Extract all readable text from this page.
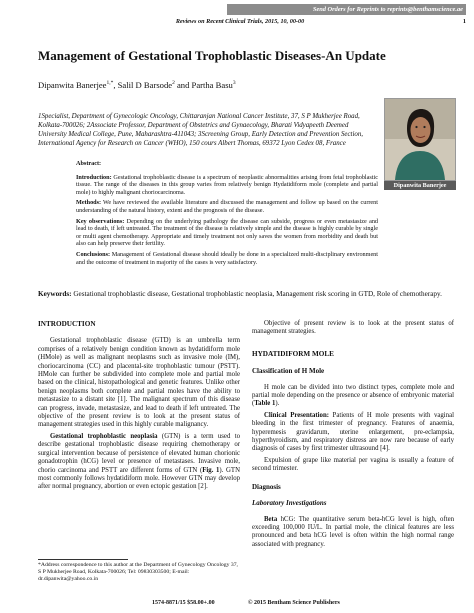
Send Orders for Reprints to reprints@benthamscience.ae
Reviews on Recent Clinical Trials, 2015, 10, 00-00	1
Management of Gestational Trophoblastic Diseases-An Update
Dipanwita Banerjee$^{1,*}$, Salil D Barsode$^2$ and Partha Basu$^3$
1Specialist, Department of Gynecologic Oncology, Chittaranjan National Cancer Institute, 37, S P Mukherjee Road, Kolkata-700026; 2Associate Professor, Department of Obstetrics and Gynaecology, Bharati Vidyapeeth Deemed University Medical College, Pune, Maharashtra-411043; 3Screening Group, Early Detection and Prevention Section, International Agency for Research on Cancer (WHO), 150 cours Albert Thomas, 69372 Lyon Cedex 08, France
Dipanwita Banerjee

Abstract:

Introduction: Gestational trophoblastic disease is a spectrum of neoplastic abnormalities arising from fetal trophoblastic tissue. The range of the diseases in this group varies from relatively benign Hydatidiform mole (complete and partial mole) to highly malignant choriocarcinoma.

Methods: We have reviewed the available literature and discussed the management and follow up based on the current understanding of the natural history, extent and the prognosis of the disease.

Key observations: Depending on the underlying pathology the disease can subside, progress or even metastasize and lead to death, if left untreated. The treatment of the disease is relatively simple and the disease is highly curable by single or multi agent chemotherapy. Appropriate and timely treatment not only saves the women from morbidity and death but also can help preserve their fertility.

Conclusions: Management of Gestational disease should ideally be done in a specialized multi-disciplinary environment and the outcome of treatment in majority of the cases is very satisfactory.

Keywords: Gestational trophoblastic disease, Gestational trophoblastic neoplasia, Management risk scoring in GTD, Role of chemotherapy.
INTRODUCTION

Gestational trophoblastic disease (GTD) is an umbrella term comprises of a relatively benign condition known as hydatidiform mole (HMole) as well as malignant neoplasms such as invasive mole (IM), choriocarcinoma (CC) and placental-site trophoblastic tumour (PSTT). HMole can further be subdivided into complete mole and partial mole based on the clinical, histopathological and genetic features. Unlike other benign neoplasms both complete and partial moles have the ability to metastasize to a distant site [1]. The malignant spectrum of this disease can progress, invade, metastasize, and lead to death if left untreated. The objective of the present review is to look at the present status of management strategies used in this highly curable malignancy.

Gestational trophoblastic neoplasia (GTN) is a term used to describe gestational trophoblastic disease requiring chemotherapy or surgical intervention because of persistence of elevated human chorionic gonadotrophin (hCG) level or presence of metastases. Invasive mole, chorio carcinoma and PSTT are different forms of GTN (Fig. 1). GTN most commonly follows hydatidiform mole. However GTN may develop after normal pregnancy, abortion or even ectopic gestation [2].

Objective of present review is to look at the present status of management strategies.

HYDATIDIFORM MOLE
Classification of H Mole

H mole can be divided into two distinct types, complete mole and partial mole depending on the presence or absence of embryonic material (Table 1).

Clinical Presentation: Patients of H mole presents with vaginal bleeding in the first trimester of pregnancy. Features of anaemia, hyperemesis gravidarum, uterine enlargement, pre-eclampsia, hyperthyroidism, and respiratory distress are now rare because of early diagnosis of cases by first trimester ultrasound [4].

Expulsion of grape like material per vagina is usually a feature of second trimester.

Diagnosis
Laboratory Investigations

Beta hCG: The quantitative serum beta-hCG level is high, often exceeding 100,000 IU/L. In partial mole, the clinical features are less pronounced and beta hCG level is often within the high normal range associated with pregnancy.

*Address correspondence to this author at the Department of Gynecology Oncology 37, S P Mukherjee Road, Kolkata-700026; Tel: 09830303500; E-mail: dr.dipanwita@yahoo.co.in
1574-8871/15 $58.00+.00	© 2015 Bentham Science Publishers
